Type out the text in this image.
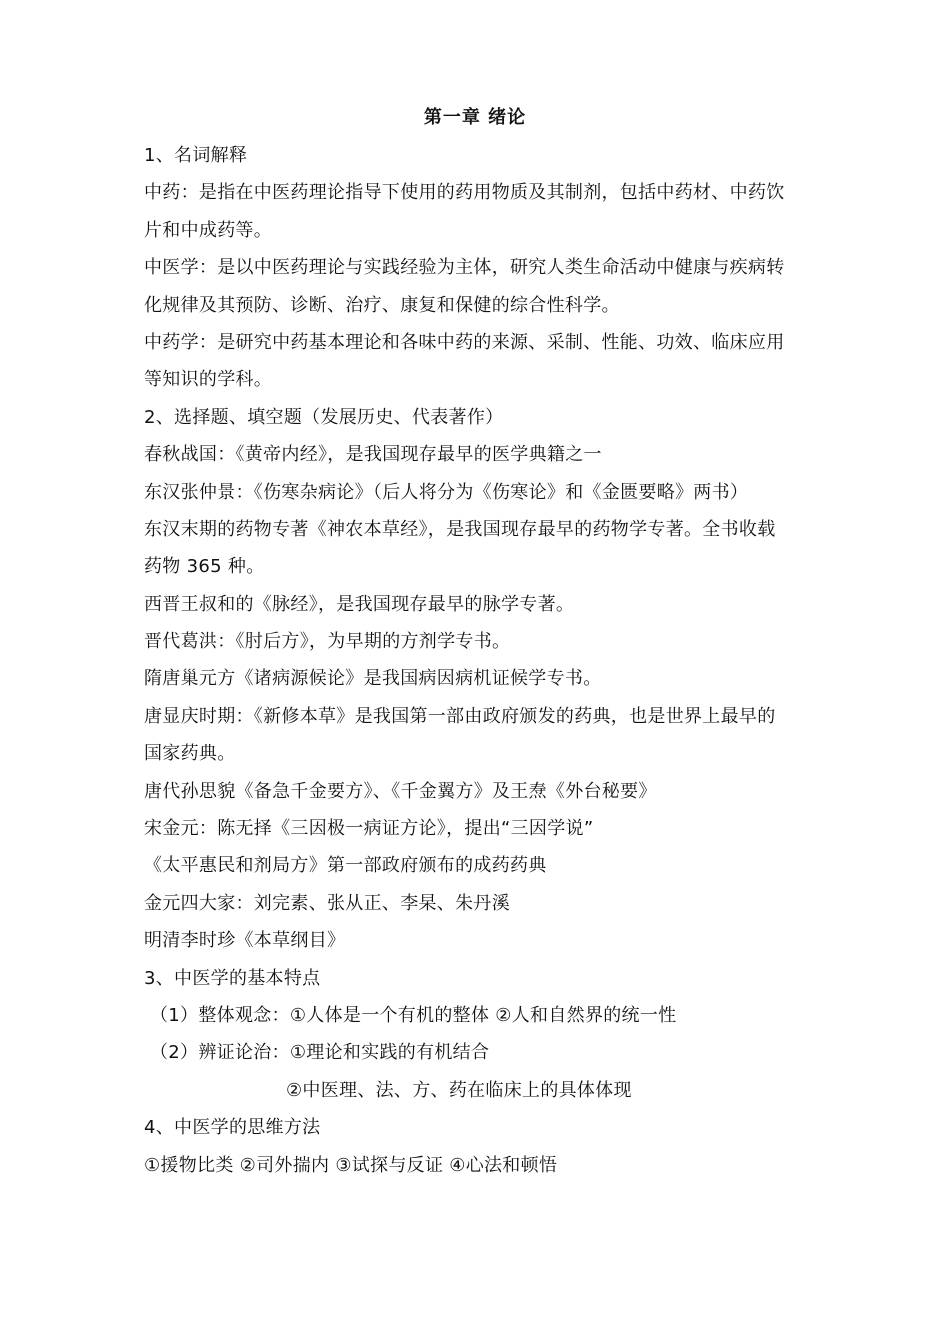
第一章 绪论
1、名词解释
中药：是指在中医药理论指导下使用的药用物质及其制剂，包括中药材、中药饮
片和中成药等。
中医学：是以中医药理论与实践经验为主体，研究人类生命活动中健康与疾病转
化规律及其预防、诊断、治疗、康复和保健的综合性科学。
中药学：是研究中药基本理论和各味中药的来源、采制、性能、功效、临床应用
等知识的学科。
2、选择题、填空题（发展历史、代表著作）
春秋战国：《黄帝内经》，是我国现存最早的医学典籍之一
东汉张仲景：《伤寒杂病论》（后人将分为《伤寒论》和《金匮要略》两书）
东汉末期的药物专著《神农本草经》，是我国现存最早的药物学专著。全书收载
药物 365 种。
西晋王叔和的《脉经》，是我国现存最早的脉学专著。
晋代葛洪：《肘后方》，为早期的方剂学专书。
隋唐巢元方《诸病源候论》是我国病因病机证候学专书。
唐显庆时期：《新修本草》是我国第一部由政府颁发的药典，也是世界上最早的
国家药典。
唐代孙思貌《备急千金要方》、《千金翼方》及王焘《外台秘要》
宋金元：陈无择《三因极一病证方论》，提出“三因学说”
《太平惠民和剂局方》第一部政府颁布的成药药典
金元四大家：刘完素、张从正、李杲、朱丹溪
明清李时珍《本草纲目》
3、中医学的基本特点
（1）整体观念：①人体是一个有机的整体 ②人和自然界的统一性
（2）辨证论治：①理论和实践的有机结合
②中医理、法、方、药在临床上的具体体现
4、中医学的思维方法
①援物比类 ②司外揣内 ③试探与反证 ④心法和顿悟
